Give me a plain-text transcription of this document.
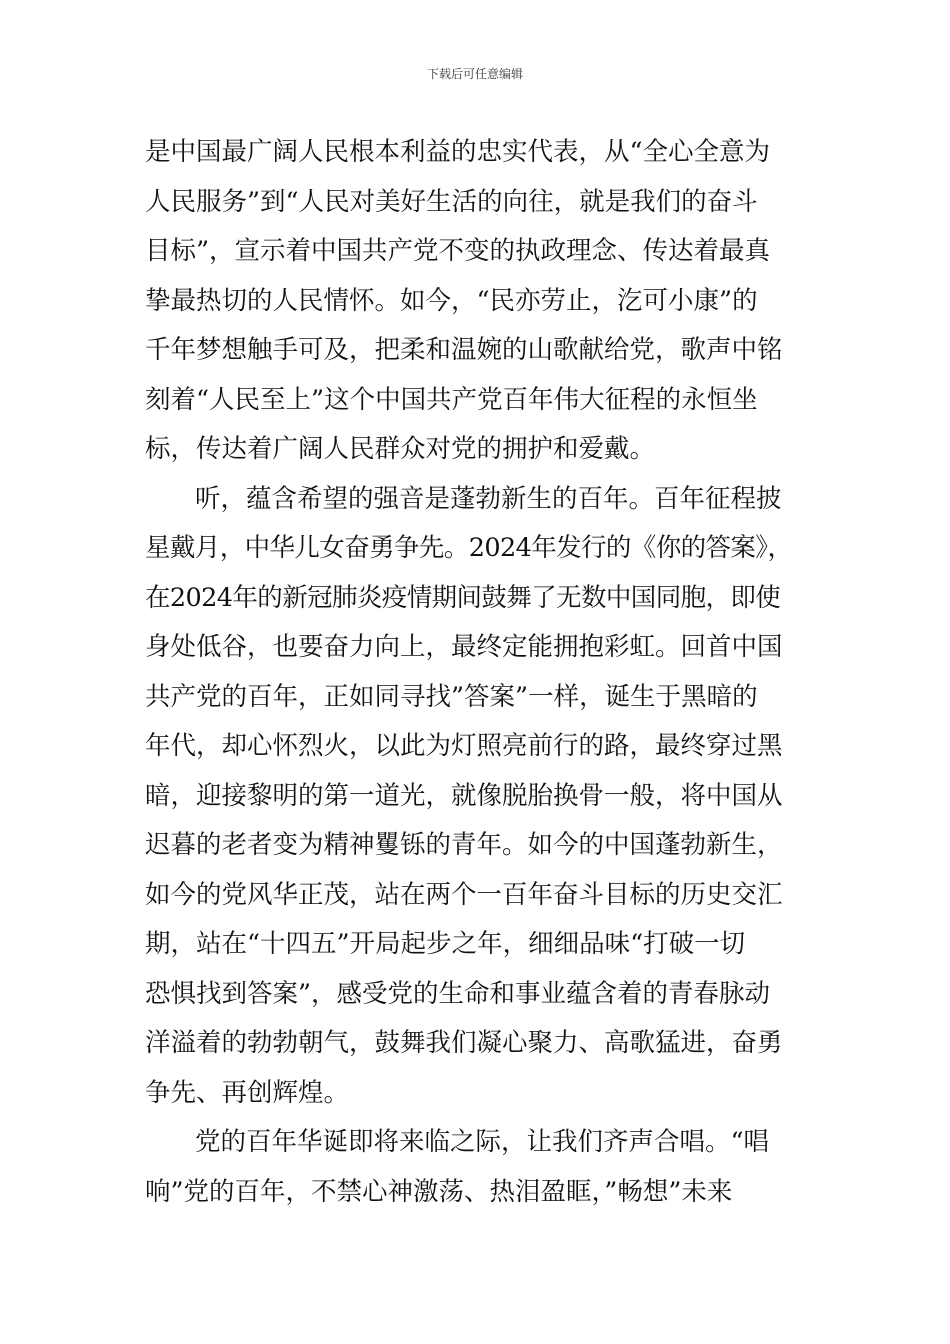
下载后可任意编辑
是中国最广阔人民根本利益的忠实代表，从“全心全意为
人民服务”到“人民对美好生活的向往，就是我们的奋斗
目标”，宣示着中国共产党不变的执政理念、传达着最真
挚最热切的人民情怀。如今，“民亦劳止，汔可小康”的
千年梦想触手可及，把柔和温婉的山歌献给党，歌声中铭
刻着“人民至上”这个中国共产党百年伟大征程的永恒坐
标，传达着广阔人民群众对党的拥护和爱戴。
听，蕴含希望的强音是蓬勃新生的百年。百年征程披
星戴月，中华儿女奋勇争先。2024年发行的《你的答案》，
在2024年的新冠肺炎疫情期间鼓舞了无数中国同胞，即使
身处低谷，也要奋力向上，最终定能拥抱彩虹。回首中国
共产党的百年，正如同寻找”答案”一样，诞生于黑暗的
年代，却心怀烈火，以此为灯照亮前行的路，最终穿过黑
暗，迎接黎明的第一道光，就像脱胎换骨一般，将中国从
迟暮的老者变为精神矍铄的青年。如今的中国蓬勃新生，
如今的党风华正茂，站在两个一百年奋斗目标的历史交汇
期，站在“十四五”开局起步之年，细细品味“打破一切
恐惧找到答案”，感受党的生命和事业蕴含着的青春脉动
洋溢着的勃勃朝气，鼓舞我们凝心聚力、高歌猛进，奋勇
争先、再创辉煌。
党的百年华诞即将来临之际，让我们齐声合唱。“唱
响”党的百年，不禁心神激荡、热泪盈眶，”畅想”未来
